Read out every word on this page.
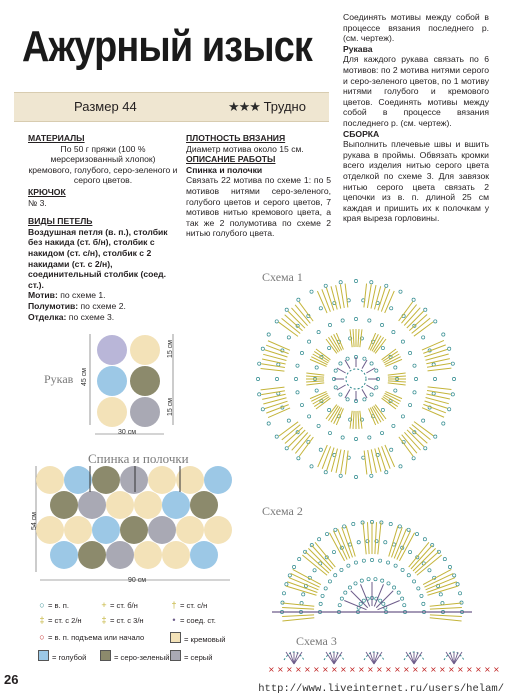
Ажурный изыск
Размер 44	★★★ Трудно
МАТЕРИАЛЫ

По 50 г пряжи (100 % мерсеризованный хлопок) кремового, голубого, серо-зеленого и серого цветов.

КРЮЧОК

№ 3.

ВИДЫ ПЕТЕЛЬ

Воздушная петля (в. п.), столбик без накида (ст. б/н), столбик с накидом (ст. с/н), столбик с 2 накидами (ст. с 2/н), соединительный столбик (соед. ст.).

Мотив: по схеме 1.

Полумотив: по схеме 2.

Отделка: по схеме 3.

ПЛОТНОСТЬ ВЯЗАНИЯ

Диаметр мотива около 15 см.

ОПИСАНИЕ РАБОТЫ
Спинка и полочки

Связать 22 мотива по схеме 1: по 5 мотивов нитями серо-зеленого, голубого цветов и серого цветов, 7 мотивов нитью кремового цвета, а так же 2 полумотива по схеме 2 нитью голубого цвета.

Соединять мотивы между собой в процессе вязания последнего р. (см. чертеж).

Рукава

Для каждого рукава связать по 6 мотивов: по 2 мотива нитями серого и серо-зеленого цветов, по 1 мотиву нитями голубого и кремового цветов. Соединять мотивы между собой в процессе вязания последнего р. (см. чертеж).

СБОРКА

Выполнить плечевые швы и вшить рукава в проймы. Обвязать кромки всего изделия нитью серого цвета отделкой по схеме 3. Для завязок нитью серого цвета связать 2 цепочки из в. п. длиной 25 см каждая и пришить их к полочкам у края выреза горловины.

Рукав 45 см
15 см
15 см
30 см
Спинка и полочки
54 см
90 см
Схема 1
Схема 2
Схема 3
× × × × × × × × × × × × × × × × × × × × × × × × × ×
○ = в. п.	+ = ст. б/н	† = ст. с/н
‡ = ст. с 2/н ‡ = ст. с 3/н	• = соед. ст.
○ = в. п. подъема или начало	= кремовый
= голубой	= серо-зеленый	= серый
26
http://www.liveinternet.ru/users/helam/
